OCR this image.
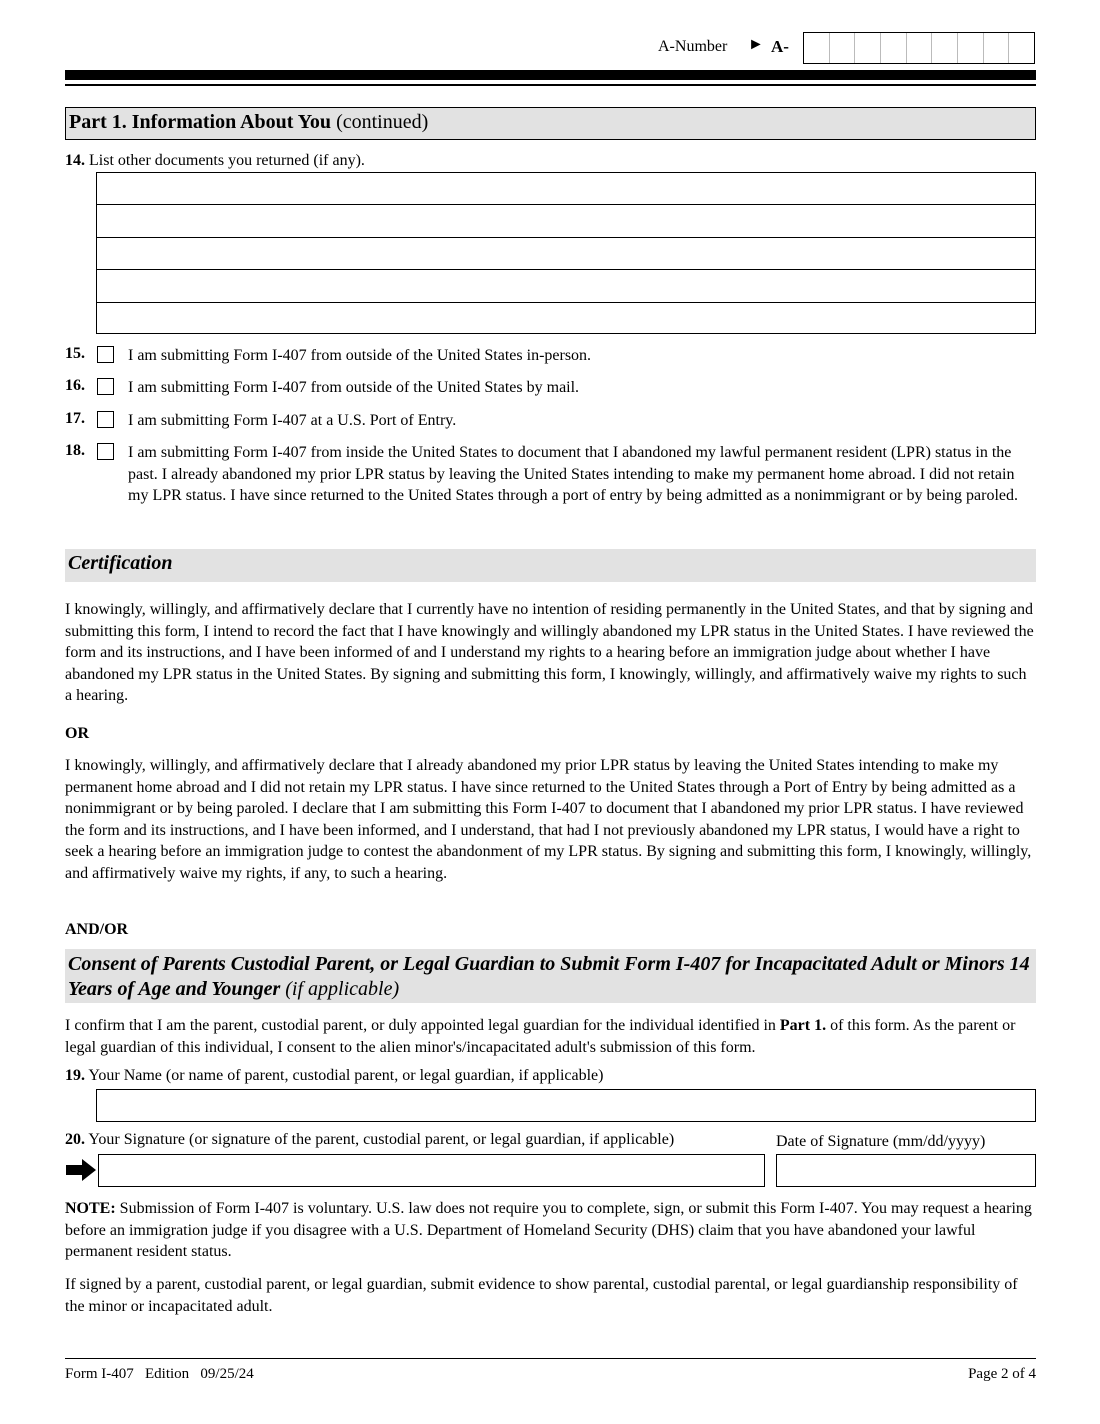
A-Number ► A-
Part 1. Information About You (continued)
14. List other documents you returned (if any).
15.	I am submitting Form I-407 from outside of the United States in-person.
16.	I am submitting Form I-407 from outside of the United States by mail.
17.	I am submitting Form I-407 at a U.S. Port of Entry.
18.	I am submitting Form I-407 from inside the United States to document that I abandoned my lawful permanent resident (LPR) status in the past. I already abandoned my prior LPR status by leaving the United States intending to make my permanent home abroad. I did not retain my LPR status. I have since returned to the United States through a port of entry by being admitted as a nonimmigrant or by being paroled.
Certification
I knowingly, willingly, and affirmatively declare that I currently have no intention of residing permanently in the United States, and that by signing and submitting this form, I intend to record the fact that I have knowingly and willingly abandoned my LPR status in the United States. I have reviewed the form and its instructions, and I have been informed of and I understand my rights to a hearing before an immigration judge about whether I have abandoned my LPR status in the United States. By signing and submitting this form, I knowingly, willingly, and affirmatively waive my rights to such a hearing.
OR
I knowingly, willingly, and affirmatively declare that I already abandoned my prior LPR status by leaving the United States intending to make my permanent home abroad and I did not retain my LPR status. I have since returned to the United States through a Port of Entry by being admitted as a nonimmigrant or by being paroled. I declare that I am submitting this Form I-407 to document that I abandoned my prior LPR status. I have reviewed the form and its instructions, and I have been informed, and I understand, that had I not previously abandoned my LPR status, I would have a right to seek a hearing before an immigration judge to contest the abandonment of my LPR status. By signing and submitting this form, I knowingly, willingly, and affirmatively waive my rights, if any, to such a hearing.
AND/OR
Consent of Parents Custodial Parent, or Legal Guardian to Submit Form I-407 for Incapacitated Adult or Minors 14 Years of Age and Younger (if applicable)
I confirm that I am the parent, custodial parent, or duly appointed legal guardian for the individual identified in Part 1. of this form. As the parent or legal guardian of this individual, I consent to the alien minor's/incapacitated adult's submission of this form.
19. Your Name (or name of parent, custodial parent, or legal guardian, if applicable)
20. Your Signature (or signature of the parent, custodial parent, or legal guardian, if applicable)	Date of Signature (mm/dd/yyyy)
NOTE: Submission of Form I-407 is voluntary. U.S. law does not require you to complete, sign, or submit this Form I-407. You may request a hearing before an immigration judge if you disagree with a U.S. Department of Homeland Security (DHS) claim that you have abandoned your lawful permanent resident status.
If signed by a parent, custodial parent, or legal guardian, submit evidence to show parental, custodial parental, or legal guardianship responsibility of the minor or incapacitated adult.
Form I-407   Edition   09/25/24	Page 2 of 4
